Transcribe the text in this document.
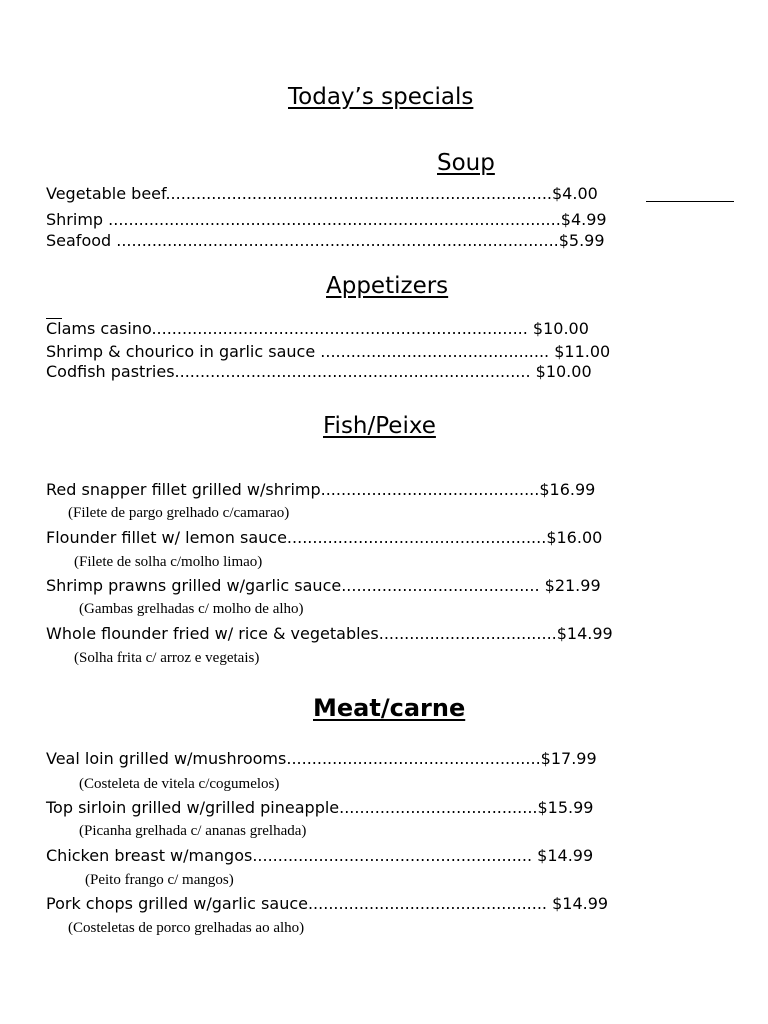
Today’s specials
Soup
Vegetable beef............................................................................$4.00
Shrimp .........................................................................................$4.99
Seafood .......................................................................................$5.99
Appetizers
Clams casino.......................................................................... $10.00
Shrimp & chourico in garlic sauce ............................................. $11.00
Codfish pastries...................................................................... $10.00
Fish/Peixe
Red snapper fillet grilled w/shrimp...........................................$16.99
(Filete de pargo grelhado c/camarao)
Flounder fillet w/ lemon sauce...................................................$16.00
(Filete de solha c/molho limao)
Shrimp prawns grilled w/garlic sauce....................................... $21.99
(Gambas grelhadas c/ molho de alho)
Whole flounder fried w/ rice & vegetables...................................$14.99
(Solha frita c/ arroz e vegetais)
Meat/carne
Veal loin grilled w/mushrooms..................................................$17.99
(Costeleta de vitela c/cogumelos)
Top sirloin grilled w/grilled pineapple.......................................$15.99
(Picanha grelhada c/ ananas grelhada)
Chicken breast w/mangos....................................................... $14.99
(Peito frango c/ mangos)
Pork chops grilled w/garlic sauce............................................... $14.99
(Costeletas de porco grelhadas ao alho)
